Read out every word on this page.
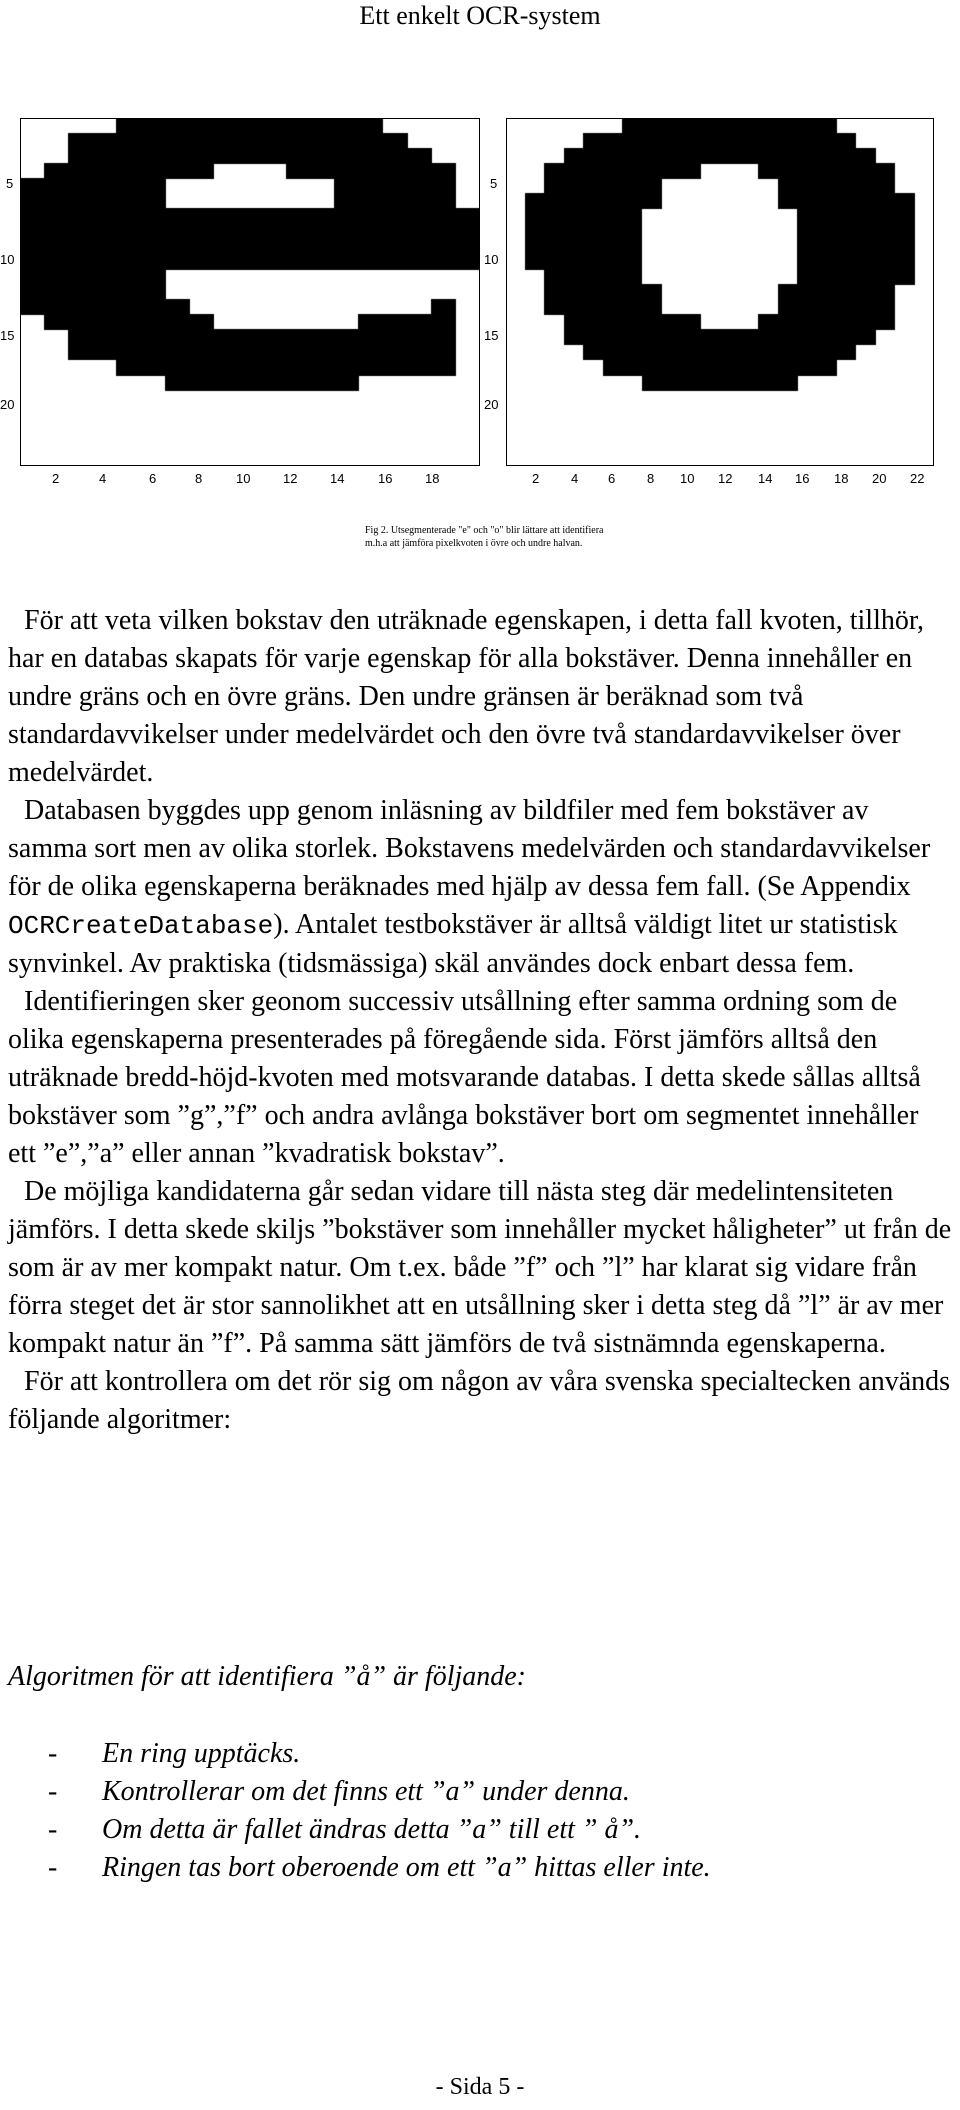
Ett enkelt OCR-system
5
10
15
20
2	4	6	8	10	12	14	16	18
5
10
15
20
2 4 6 8 10 12 14 16 18 20 22
Fig 2. Utsegmenterade "e" och "o" blir lättare att identifiera
m.h.a att jämföra pixelkvoten i övre och undre halvan.

För att veta vilken bokstav den uträknade egenskapen, i detta fall kvoten, tillhör, har en databas skapats för varje egenskap för alla bokstäver. Denna innehåller en undre gräns och en övre gräns. Den undre gränsen är beräknad som två standardavvikelser under medelvärdet och den övre två standardavvikelser över medelvärdet.

Databasen byggdes upp genom inläsning av bildfiler med fem bokstäver av samma sort men av olika storlek. Bokstavens medelvärden och standardavvikelser för de olika egenskaperna beräknades med hjälp av dessa fem fall. (Se Appendix OCRCreateDatabase). Antalet testbokstäver är alltså väldigt litet ur statistisk synvinkel. Av praktiska (tidsmässiga) skäl användes dock enbart dessa fem.

Identifieringen sker geonom successiv utsållning efter samma ordning som de olika egenskaperna presenterades på föregående sida. Först jämförs alltså den uträknade bredd-höjd-kvoten med motsvarande databas. I detta skede sållas alltså bokstäver som ”g”,”f” och andra avlånga bokstäver bort om segmentet innehåller ett ”e”,”a” eller annan ”kvadratisk bokstav”.

De möjliga kandidaterna går sedan vidare till nästa steg där medelintensiteten jämförs. I detta skede skiljs ”bokstäver som innehåller mycket håligheter” ut från de som är av mer kompakt natur. Om t.ex. både ”f” och ”l” har klarat sig vidare från förra steget det är stor sannolikhet att en utsållning sker i detta steg då ”l” är av mer kompakt natur än ”f”. På samma sätt jämförs de två sistnämnda egenskaperna.

För att kontrollera om det rör sig om någon av våra svenska specialtecken används följande algoritmer:

Algoritmen för att identifiera ”å” är följande:
- En ring upptäcks.
- Kontrollerar om det finns ett ”a” under denna.
- Om detta är fallet ändras detta ”a” till ett ” å”.
- Ringen tas bort oberoende om ett ”a” hittas eller inte.
- Sida 5 -
